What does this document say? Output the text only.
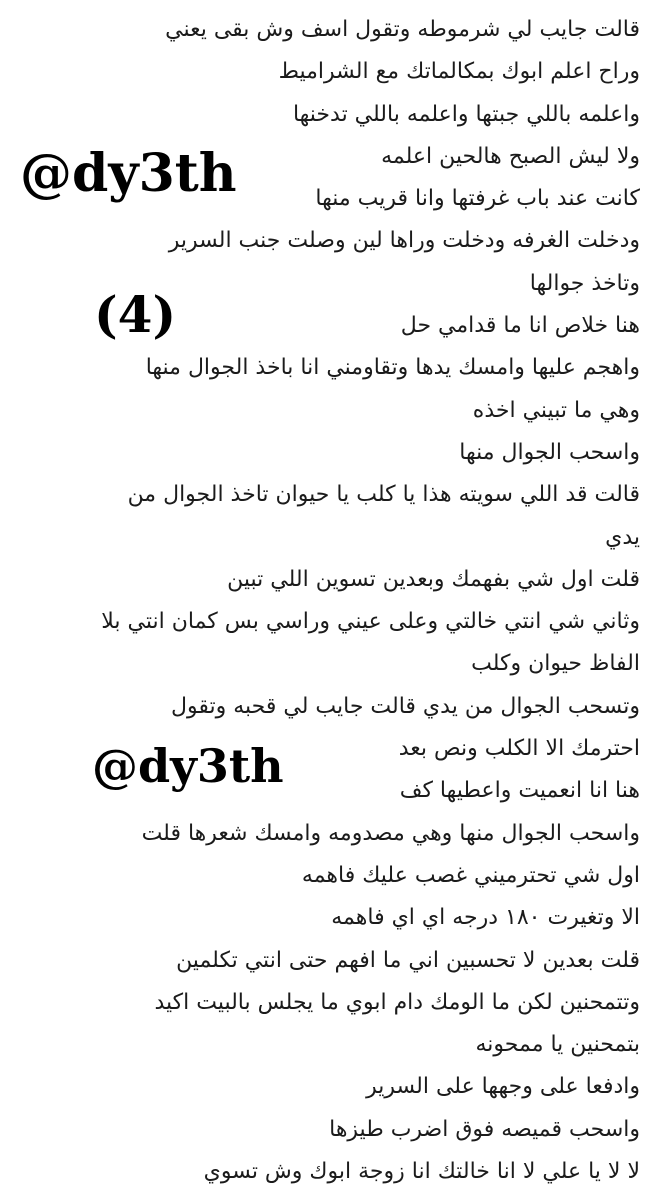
قالت جايب لي شرموطه وتقول اسف وش بقى يعني
وراح اعلم ابوك بمكالماتك مع الشراميط
واعلمه باللي جبتها واعلمه باللي تدخنها
ولا ليش الصبح هالحين اعلمه
كانت عند باب غرفتها وانا قريب منها
ودخلت الغرفه ودخلت وراها لين وصلت جنب السرير
وتاخذ جوالها
هنا خلاص انا ما قدامي حل
واهجم عليها وامسك يدها وتقاومني انا باخذ الجوال منها
وهي ما تبيني اخذه
واسحب الجوال منها
قالت قد اللي سويته هذا يا كلب يا حيوان تاخذ الجوال من
يدي
قلت اول شي بفهمك وبعدين تسوين اللي تبين
وثاني شي انتي خالتي وعلى عيني وراسي بس كمان انتي بلا
الفاظ حيوان وكلب
وتسحب الجوال من يدي قالت جايب لي قحبه وتقول
احترمك الا الكلب ونص بعد
هنا انا انعميت واعطيها كف
واسحب الجوال منها وهي مصدومه وامسك شعرها قلت
اول شي تحترميني غصب عليك فاهمه
الا وتغيرت ١٨٠ درجه اي اي فاهمه
قلت بعدين لا تحسبين اني ما افهم حتى انتي تكلمين
وتتمحنين لكن ما الومك دام ابوي ما يجلس بالبيت اكيد
بتمحنين يا ممحونه
وادفعا على وجهها على السرير
واسحب قميصه فوق اضرب طيزها
لا لا يا علي لا انا خالتك انا زوجة ابوك وش تسوي
@dy3th
(4)
@dy3th
